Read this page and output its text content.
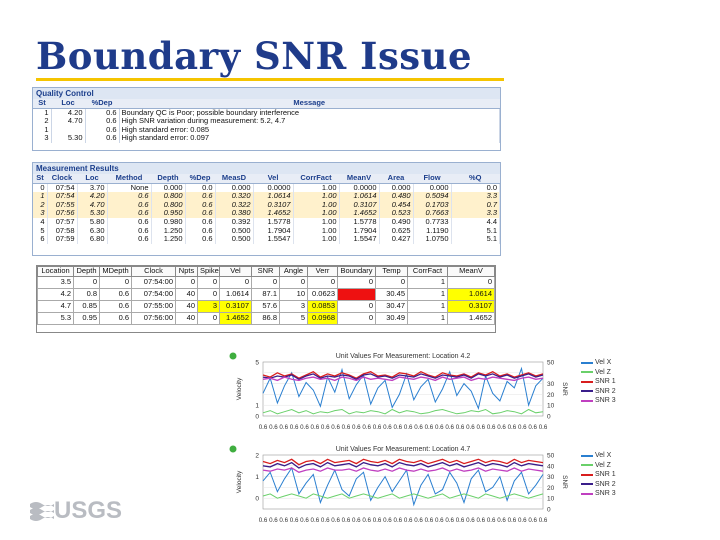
Boundary SNR Issue
Quality Control
St	Loc	%Dep	Message
1	4.20	0.6	Boundary QC is Poor; possible boundary interference
2	4.70	0.6	High SNR variation during measurement: 5.2, 4.7
1		0.6	High standard error: 0.085
3	5.30	0.6	High standard error: 0.097
Measurement Results
St	Clock	Loc	Method	Depth	%Dep	MeasD	Vel	CorrFact	MeanV	Area	Flow	%Q
0	07:54	3.70	None	0.000	0.0	0.000	0.0000	1.00	0.0000	0.000	0.000	0.0
1	07:54	4.20	0.6	0.800	0.6	0.320	1.0614	1.00	1.0614	0.480	0.5094	3.3
2	07:55	4.70	0.6	0.800	0.6	0.322	0.3107	1.00	0.3107	0.454	0.1703	0.7
3	07:56	5.30	0.6	0.950	0.6	0.380	1.4652	1.00	1.4652	0.523	0.7663	3.3
4	07:57	5.80	0.6	0.980	0.6	0.392	1.5778	1.00	1.5778	0.490	0.7733	4.4
5	07:58	6.30	0.6	1.250	0.6	0.500	1.7904	1.00	1.7904	0.625	1.1190	5.1
6	07:59	6.80	0.6	1.250	0.6	0.500	1.5547	1.00	1.5547	0.427	1.0750	5.1
Location	Depth	MDepth	Clock	Npts	Spike	Vel	SNR	Angle	Verr	Boundary	Temp	CorrFact	MeanV
3.5	0	0	07:54:00	0	0	0	0	0	0	0	0	1	0
4.2	0.8	0.6	07:54:00	40	0	1.0614	87.1	10	0.0623		30.45	1	1.0614
4.7	0.85	0.6	07:55:00	40	3	0.3107	57.6	3	0.0853	0	30.47	1	0.3107
5.3	0.95	0.6	07:56:00	40	0	1.4652	86.8	5	0.0968	0	30.49	1	1.4652
Unit Values For Measurement: Location 4.2
Velocity	SNR
0
1
5
0
10
20
30
50
0.6 0.6 0.6 0.6 0.6 0.6 0.6 0.6 0.6 0.6 0.6 0.6 0.6 0.6 0.6 0.6 0.6 0.6 0.6 0.6 0.6 0.6 0.6 0.6 0.6 0.6 0.6 0.6
Vel X
Vel Z
SNR 1
SNR 2
SNR 3
Unit Values For Measurement: Location 4.7
Velocity	SNR
0
1
2
0
10
20
30
40
50
0.6 0.6 0.6 0.6 0.6 0.6 0.6 0.6 0.6 0.6 0.6 0.6 0.6 0.6 0.6 0.6 0.6 0.6 0.6 0.6 0.6 0.6 0.6 0.6 0.6 0.6 0.6 0.6
Vel X
Vel Z
SNR 1
SNR 2
SNR 3
USGS
